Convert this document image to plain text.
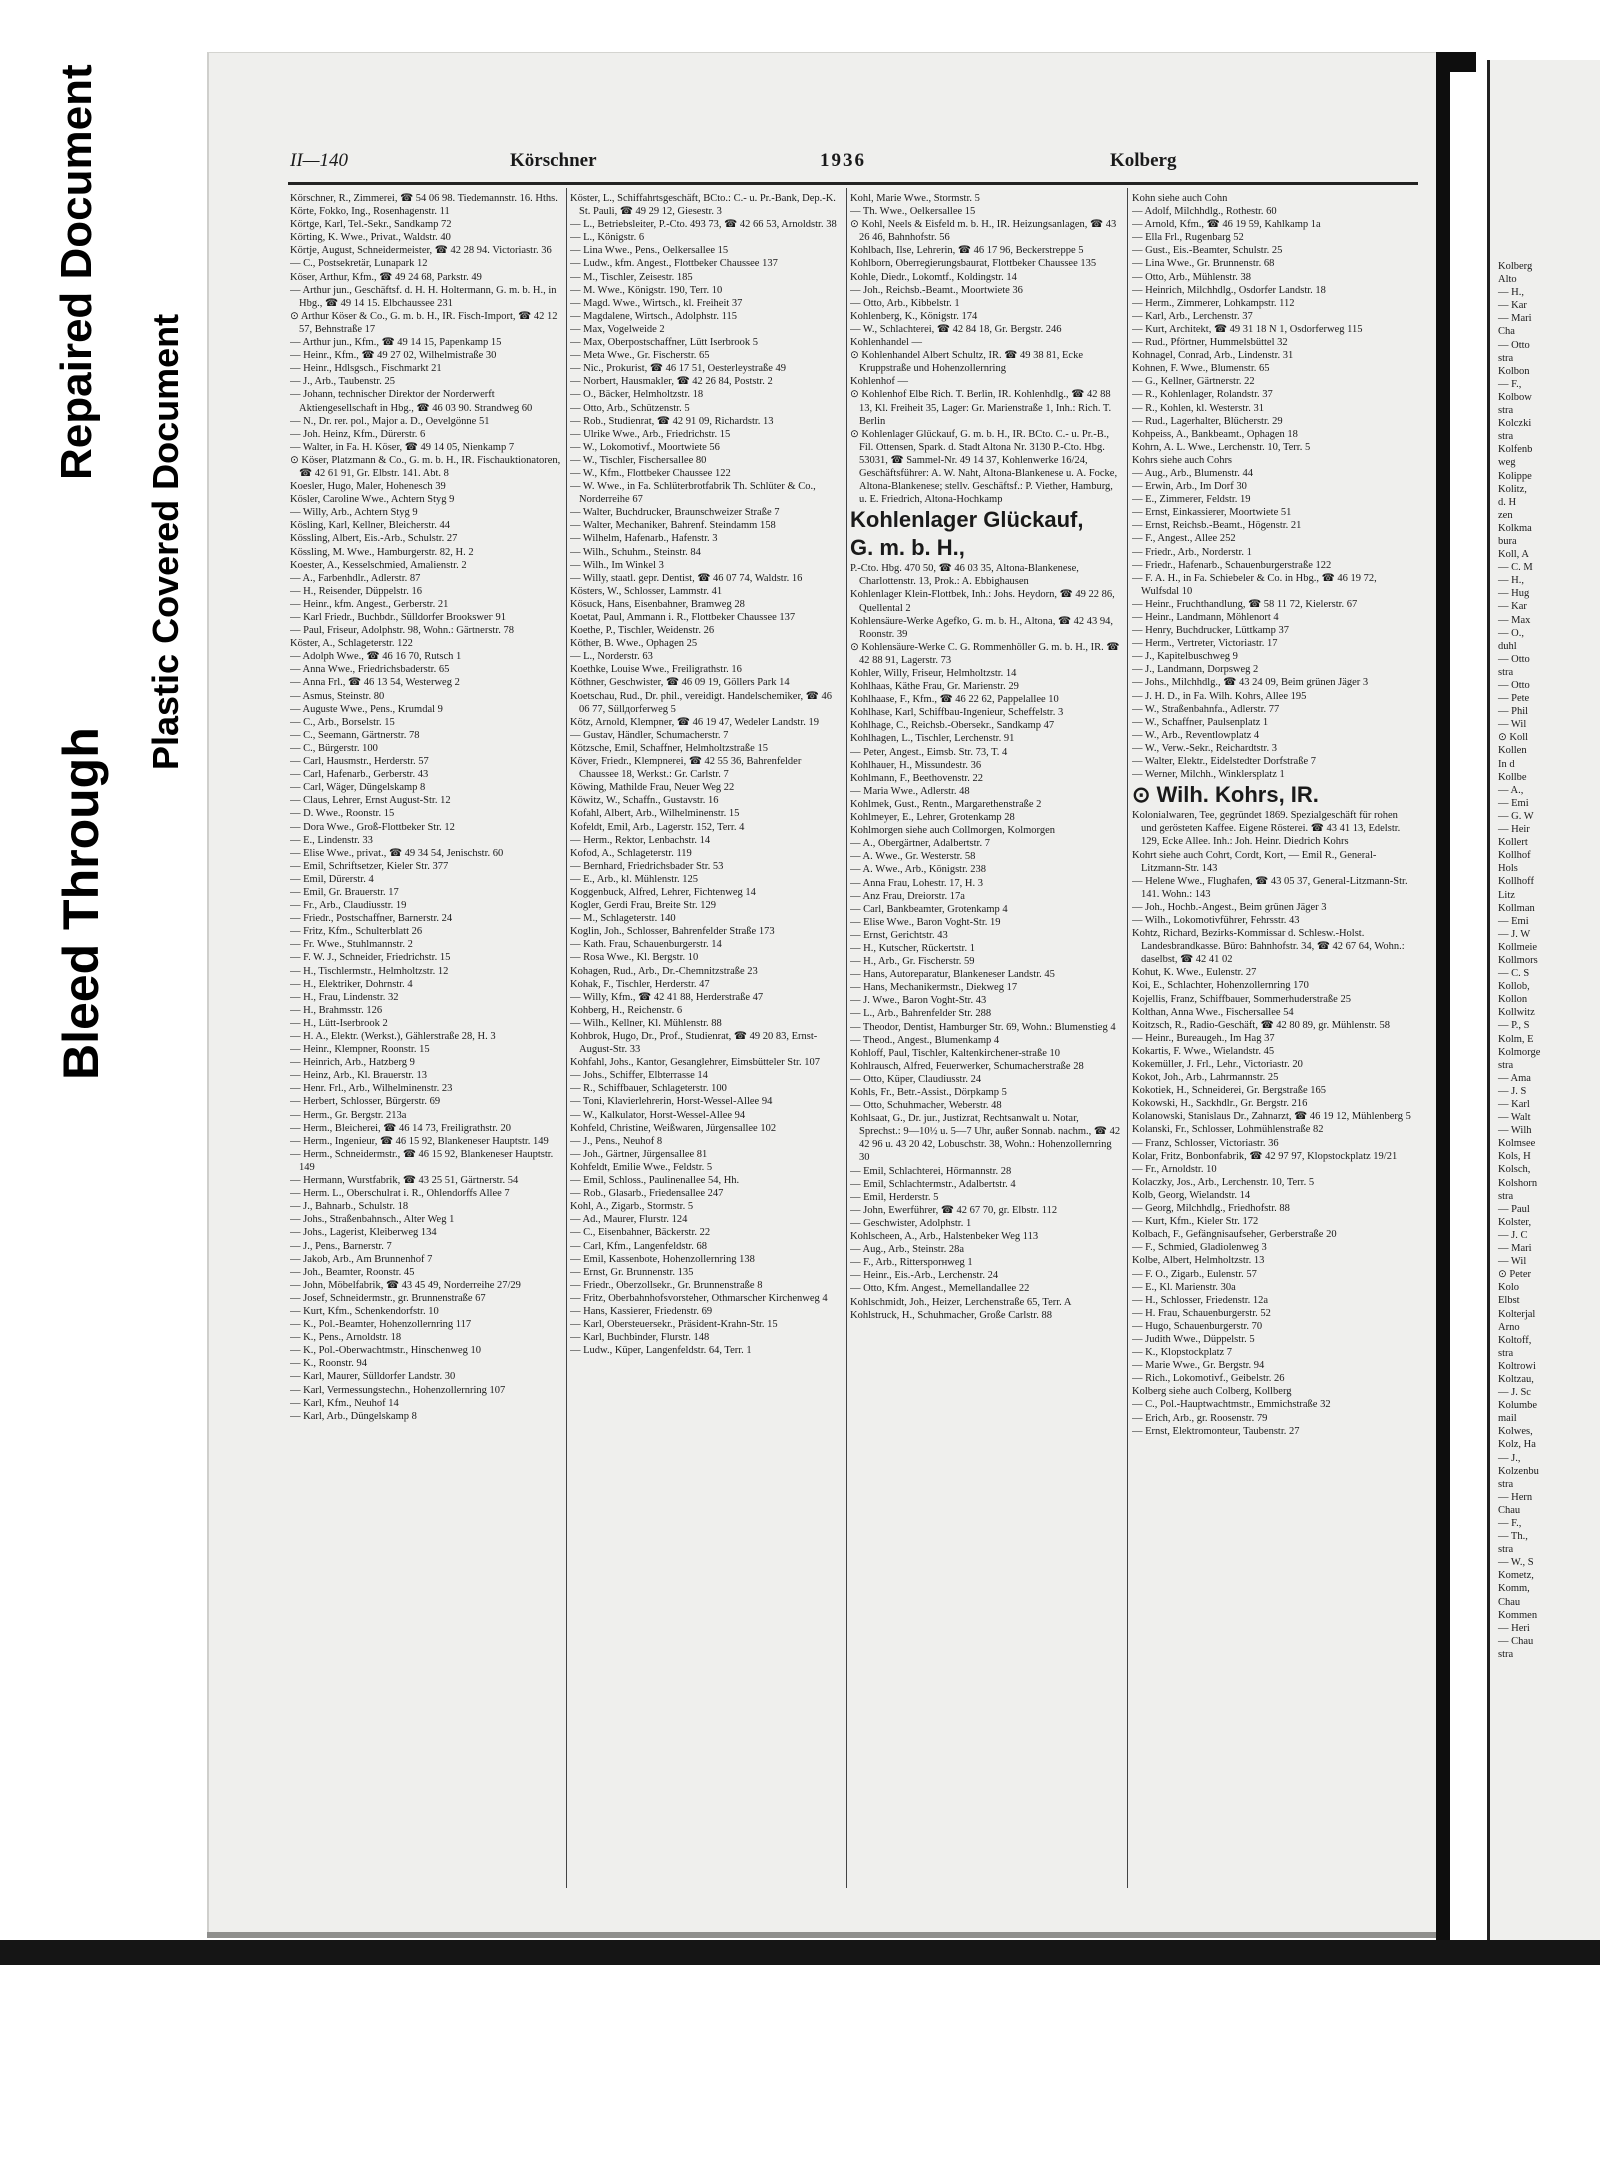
Bleed Through
Repaired Document
Plastic Covered Document
Kolberg
Alto
— H.,
— Kar
— Mari
Cha
— Otto
stra
Kolbon
— F.,
Kolbow
stra
Kolczki
stra
Kolfenb
weg
Kolippe
Kolitz,
d. H
zen
Kolkma
bura
Koll, A
— C. M
— H.,
— Hug
— Kar
— Max
— O.,
duhl
— Otto
stra
— Otto
— Pete
— Phil
— Wil
⊙ Koll
Kollen
In d
Kollbe
— A.,
— Emi
— G. W
— Heir
Kollert
Kollhof
Hols
Kollhoff
Litz
Kollman
— Emi
— J. W
Kollmeie
Kollmors
— C. S
Kollob,
Kollon
Kollwitz
— P., S
Kolm, E
Kolmorge
stra
— Ama
— J. S
— Karl
— Walt
— Wilh
Kolmseе
Kols, H
Kolsch,
Kolshorn
stra
— Paul
Kolster,
— J. C
— Mari
— Wil
⊙ Peter
Kolo
Elbst
Kolterjal
Arno
Koltoff,
stra
Koltrowi
Koltzau,
— J. Sc
Kolumbe
mail
Kolwes,
Kolz, Ha
— J.,
Kolzenbu
stra
— Hern
Chau
— F.,
— Th.,
stra
— W., S
Kometz,
Komm,
Chau
Kommen
— Heri
— Chau
stra
II—140	Körschner	1936	Kolberg

Körschner, R., Zimmerei, ☎ 54 06 98. Tiedemannstr. 16. Hths.

Körte, Fokko, Ing., Rosenhagenstr. 11

Körtge, Karl, Tel.-Sekr., Sandkamp 72

Körting, K. Wwe., Privat., Waldstr. 40

Körtje, August, Schneidermeister, ☎ 42 28 94. Victoriastr. 36

— C., Postsekretär, Lunapark 12

Köser, Arthur, Kfm., ☎ 49 24 68, Parkstr. 49

— Arthur jun., Geschäftsf. d. H. H. Holtermann, G. m. b. H., in Hbg., ☎ 49 14 15. Elbchaussee 231

⊙ Arthur Köser & Co., G. m. b. H., IR. Fisch-Import, ☎ 42 12 57, Behnstraße 17

— Arthur jun., Kfm., ☎ 49 14 15, Papenkamp 15

— Heinr., Kfm., ☎ 49 27 02, Wilhelmistraße 30

— Heinr., Hdlsgsch., Fischmarkt 21

— J., Arb., Taubenstr. 25

— Johann, technischer Direktor der Norderwerft Aktiengesellschaft in Hbg., ☎ 46 03 90. Strandweg 60

— N., Dr. rer. pol., Major a. D., Oevelgönne 51

— Joh. Heinz, Kfm., Dürerstr. 6

— Walter, in Fa. H. Köser, ☎ 49 14 05, Nienkamp 7

⊙ Köser, Platzmann & Co., G. m. b. H., IR. Fischauktionatoren, ☎ 42 61 91, Gr. Elbstr. 141. Abt. 8

Koesler, Hugo, Maler, Hohenesch 39

Kösler, Caroline Wwe., Achtern Styg 9

— Willy, Arb., Achtern Styg 9

Kösling, Karl, Kellner, Bleicherstr. 44

Kössling, Albert, Eis.-Arb., Schulstr. 27

Kössling, M. Wwe., Hamburgerstr. 82, H. 2

Koester, A., Kesselschmied, Amalienstr. 2

— A., Farbenhdlr., Adlerstr. 87

— H., Reisender, Düppelstr. 16

— Heinr., kfm. Angest., Gerberstr. 21

— Karl Friedr., Buchbdr., Sülldorfer Brookswег 91

— Paul, Friseur, Adolphstr. 98, Wohn.: Gärtnerstr. 78

Köster, A., Schlageterstr. 122

— Adolph Wwe., ☎ 46 16 70, Rutsch 1

— Anna Wwe., Friedrichsbaderstr. 65

— Anna Frl., ☎ 46 13 54, Westerweg 2

— Asmus, Steinstr. 80

— Auguste Wwe., Pens., Krumdal 9

— C., Arb., Borselstr. 15

— C., Seemann, Gärtnerstr. 78

— C., Bürgerstr. 100

— Carl, Hausmstr., Herderstr. 57

— Carl, Hafenarb., Gerberstr. 43

— Carl, Wäger, Düngelskamp 8

— Claus, Lehrer, Ernst August-Str. 12

— D. Wwe., Roonstr. 15

— Dora Wwe., Groß-Flottbeker Str. 12

— E., Lindenstr. 33

— Elise Wwe., privat., ☎ 49 34 54, Jenischstr. 60

— Emil, Schriftsetzer, Kieler Str. 377

— Emil, Dürerstr. 4

— Emil, Gr. Brauerstr. 17

— Fr., Arb., Claudiusstr. 19

— Friedr., Postschaffner, Barnerstr. 24

— Fritz, Kfm., Schulterblatt 26

— Fr. Wwe., Stuhlmannstr. 2

— F. W. J., Schneider, Friedrichstr. 15

— H., Tischlermstr., Helmholtzstr. 12

— H., Elektriker, Dohrnstr. 4

— H., Frau, Lindenstr. 32

— H., Brahmsstr. 126

— H., Lütt-Iserbrook 2

— H. A., Elektr. (Werkst.), Gählerstraße 28, H. 3

— Heinr., Klempner, Roonstr. 15

— Heinrich, Arb., Hatzberg 9

— Heinz, Arb., Kl. Brauerstr. 13

— Henr. Frl., Arb., Wilhelminenstr. 23

— Herbert, Schlosser, Bürgerstr. 69

— Herm., Gr. Bergstr. 213a

— Herm., Bleicherei, ☎ 46 14 73, Freiligrathstr. 20

— Herm., Ingenieur, ☎ 46 15 92, Blankeneser Hauptstr. 149

— Herm., Schneidermstr., ☎ 46 15 92, Blankeneser Hauptstr. 149

— Hermann, Wurstfabrik, ☎ 43 25 51, Gärtnerstr. 54

— Herm. L., Oberschulrat i. R., Ohlendorffs Allee 7

— J., Bahnarb., Schulstr. 18

— Johs., Straßenbahnsch., Alter Weg 1

— Johs., Lagerist, Kleiberweg 134

— J., Pens., Barnerstr. 7

— Jakob, Arb., Am Brunnenhof 7

— Joh., Beamter, Roonstr. 45

— John, Möbelfabrik, ☎ 43 45 49, Norderreihe 27/29

— Josef, Schneidermstr., gr. Brunnenstraße 67

— Kurt, Kfm., Schenkendorfstr. 10

— K., Pol.-Beamter, Hohenzollernring 117

— K., Pens., Arnoldstr. 18

— K., Pol.-Oberwachtmstr., Hinschenweg 10

— K., Roonstr. 94

— Karl, Maurer, Sülldorfer Landstr. 30

— Karl, Vermessungstechn., Hohenzollernring 107

— Karl, Kfm., Neuhof 14

— Karl, Arb., Düngelskamp 8

Köster, L., Schiffahrtsgeschäft, BCto.: C.- u. Pr.-Bank, Dep.-K. St. Pauli, ☎ 49 29 12, Giesestr. 3

— L., Betriebsleiter, P.-Cto. 493 73, ☎ 42 66 53, Arnoldstr. 38

— L., Königstr. 6

— Lina Wwe., Pens., Oelkersallee 15

— Ludw., kfm. Angest., Flottbeker Chaussee 137

— M., Tischler, Zeisestr. 185

— M. Wwe., Königstr. 190, Terr. 10

— Magd. Wwe., Wirtsch., kl. Freiheit 37

— Magdalene, Wirtsch., Adolphstr. 115

— Max, Vogelweide 2

— Max, Oberpostschaffner, Lütt Iserbrook 5

— Meta Wwe., Gr. Fischerstr. 65

— Nic., Prokurist, ☎ 46 17 51, Oesterleystraße 49

— Norbert, Hausmakler, ☎ 42 26 84, Poststr. 2

— O., Bäcker, Helmholtzstr. 18

— Otto, Arb., Schützenstr. 5

— Rob., Studienrat, ☎ 42 91 09, Richardstr. 13

— Ulrike Wwe., Arb., Friedrichstr. 15

— W., Lokomotivf., Moortwiete 56

— W., Tischler, Fischersallee 80

— W., Kfm., Flottbeker Chaussee 122

— W. Wwe., in Fa. Schlüterbrotfabrik Th. Schlüter & Co., Norderreihe 67

— Walter, Buchdrucker, Braunschweizer Straße 7

— Walter, Mechaniker, Bahrenf. Steindamm 158

— Wilhelm, Hafenarb., Hafenstr. 3

— Wilh., Schuhm., Steinstr. 84

— Wilh., Im Winkel 3

— Willy, staatl. gepr. Dentist, ☎ 46 07 74, Waldstr. 16

Kösters, W., Schlosser, Lammstr. 41

Kösuck, Hans, Eisenbahner, Bramwеg 28

Koetat, Paul, Ammann i. R., Flottbeker Chaussee 137

Koethe, P., Tischler, Weidenstr. 26

Köther, B. Wwe., Ophagen 25

— L., Norderstr. 63

Koethke, Louise Wwe., Freiligrathstr. 16

Köthner, Geschwister, ☎ 46 09 19, Göllers Park 14

Koetschau, Rud., Dr. phil., vereidigt. Handelschemiker, ☎ 46 06 77, Süllдorferweg 5

Kötz, Arnold, Klempner, ☎ 46 19 47, Wedeler Landstr. 19

— Gustav, Händler, Schumacherstr. 7

Kötzsche, Emil, Schaffner, Helmholtzstraße 15

Köver, Friedr., Klempnerei, ☎ 42 55 36, Bahrenfelder Chaussee 18, Werkst.: Gr. Carlstr. 7

Köwing, Mathilde Frau, Neuer Weg 22

Köwitz, W., Schaffn., Gustavstr. 16

Kofahl, Albert, Arb., Wilhelminenstr. 15

Kofeldt, Emil, Arb., Lagerstr. 152, Terr. 4

— Herm., Rektor, Lenbachstr. 14

Kofod, A., Schlageterstr. 119

— Bernhard, Friedrichsbader Str. 53

— E., Arb., kl. Mühlenstr. 125

Koggenbuck, Alfred, Lehrer, Fichtenweg 14

Kogler, Gerdi Frau, Breite Str. 129

— M., Schlageterstr. 140

Koglin, Joh., Schlosser, Bahrenfelder Straße 173

— Kath. Frau, Schauenburgerstr. 14

— Rosa Wwe., Kl. Bergstr. 10

Kohagen, Rud., Arb., Dr.-Chemnitzstraße 23

Kohak, F., Tischler, Herderstr. 47

— Willy, Kfm., ☎ 42 41 88, Herderstraße 47

Kohberg, H., Reichenstr. 6

— Wilh., Kellner, Kl. Mühlenstr. 88

Kohbrok, Hugo, Dr., Prof., Studienrat, ☎ 49 20 83, Ernst-August-Str. 33

Kohfahl, Johs., Kantor, Gesanglehrer, Eimsbütteler Str. 107

— Johs., Schiffer, Elbterrasse 14

— R., Schiffbauer, Schlageterstr. 100

— Toni, Klavierlehrerin, Horst-Wessel-Allee 94

— W., Kalkulator, Horst-Wessel-Allee 94

Kohfeld, Christine, Weißwaren, Jürgensallee 102

— J., Pens., Neuhof 8

— Joh., Gärtner, Jürgensallee 81

Kohfeldt, Emilie Wwe., Feldstr. 5

— Emil, Schloss., Paulinenallee 54, Hh.

— Rob., Glasarb., Friedensallee 247

Kohl, A., Zigarb., Stormstr. 5

— Ad., Maurer, Flurstr. 124

— C., Eisenbahner, Bäckerstr. 22

— Carl, Kfm., Langenfeldstr. 68

— Emil, Kassenbote, Hohenzollernring 138

— Ernst, Gr. Brunnenstr. 135

— Friedr., Oberzollsekr., Gr. Brunnenstraße 8

— Fritz, Oberbahnhofsvorsteher, Othmarscher Kirchenweg 4

— Hans, Kassierer, Friedenstr. 69

— Karl, Obersteuersekr., Präsident-Krahn-Str. 15

— Karl, Buchbinder, Flurstr. 148

— Ludw., Küper, Langenfeldstr. 64, Terr. 1

Kohl, Marie Wwe., Stormstr. 5

— Th. Wwe., Oelkersallee 15

⊙ Kohl, Neels & Eisfeld m. b. H., IR. Heizungsanlagen, ☎ 43 26 46, Bahnhofstr. 56

Kohlbach, Ilse, Lehrerin, ☎ 46 17 96, Beckerstreppe 5

Kohlborn, Oberregierungsbaurat, Flottbeker Chaussee 135

Kohle, Diedr., Lokomtf., Koldingstr. 14

— Joh., Reichsb.-Beamt., Moortwiete 36

— Otto, Arb., Kibbelstr. 1

Kohlenberg, K., Königstr. 174

— W., Schlachterei, ☎ 42 84 18, Gr. Bergstr. 246

Kohlenhandel —

⊙ Kohlenhandel Albert Schultz, IR. ☎ 49 38 81, Ecke Kruppstraße und Hohenzollernring

Kohlenhof —

⊙ Kohlenhof Elbe Rich. T. Berlin, IR. Kohlenhdlg., ☎ 42 88 13, Kl. Freiheit 35, Lager: Gr. Marienstraße 1, Inh.: Rich. T. Berlin

⊙ Kohlenlager Glückauf, G. m. b. H., IR. BCto. C.- u. Pr.-B., Fil. Ottensen, Spark. d. Stadt Altona Nr. 3130 P.-Cto. Hbg. 53031, ☎ Sammel-Nr. 49 14 37, Kohlenwerke 16/24, Geschäftsführer: A. W. Naht, Altona-Blankenese u. A. Focke, Altona-Blankenese; stellv. Geschäftsf.: P. Viether, Hamburg, u. E. Friedrich, Altona-Hochkamp

Kohlenlager Glückauf,

G. m. b. H.,

P.-Cto. Hbg. 470 50, ☎ 46 03 35, Altona-Blankenese, Charlottenstr. 13, Prok.: A. Ebbighausen

Kohlenlager Klein-Flottbek, Inh.: Johs. Heydorn, ☎ 49 22 86, Quellental 2

Kohlensäure-Werke Agefko, G. m. b. H., Altona, ☎ 42 43 94, Roonstr. 39

⊙ Kohlensäure-Werke C. G. Rommenhöller G. m. b. H., IR. ☎ 42 88 91, Lagerstr. 73

Kohler, Willy, Friseur, Helmholtzstr. 14

Kohlhaas, Käthe Frau, Gr. Marienstr. 29

Kohlhaase, F., Kfm., ☎ 46 22 62, Pappelallee 10

Kohlhase, Karl, Schiffbau-Ingenieur, Scheffelstr. 3

Kohlhage, C., Reichsb.-Obersekr., Sandkamp 47

Kohlhagen, L., Tischler, Lerchenstr. 91

— Peter, Angest., Eimsb. Str. 73, T. 4

Kohlhauer, H., Missundestr. 36

Kohlmann, F., Beethovenstr. 22

— Maria Wwe., Adlerstr. 48

Kohlmek, Gust., Rentn., Margarethenstraße 2

Kohlmeyer, E., Lehrer, Grotenkamp 28

Kohlmorgen siehe auch Collmorgen, Kolmorgen

— A., Obergärtner, Adalbertstr. 7

— A. Wwe., Gr. Westerstr. 58

— A. Wwe., Arb., Königstr. 238

— Anna Frau, Lohestr. 17, H. 3

— Anz Frau, Dreiorstr. 17a

— Carl, Bankbeamter, Grotenkamp 4

— Elise Wwe., Baron Voght-Str. 19

— Ernst, Gerichtstr. 43

— H., Kutscher, Rückertstr. 1

— H., Arb., Gr. Fischerstr. 59

— Hans, Autoreparatur, Blankeneser Landstr. 45

— Hans, Mechanikermstr., Diekweg 17

— J. Wwe., Baron Voght-Str. 43

— L., Arb., Bahrenfelder Str. 288

— Theodor, Dentist, Hamburger Str. 69, Wohn.: Blumenstieg 4

— Theod., Angest., Blumenkamp 4

Kohloff, Paul, Tischler, Kaltenkirchener-straße 10

Kohlrausch, Alfred, Feuerwerker, Schumacherstraße 28

— Otto, Küper, Claudiusstr. 24

Kohls, Fr., Betr.-Assist., Dörpkamp 5

— Otto, Schuhmacher, Weberstr. 48

Kohlsaat, G., Dr. jur., Justizrat, Rechtsanwalt u. Notar, Sprechst.: 9—10½ u. 5—7 Uhr, außer Sonnab. nachm., ☎ 42 42 96 u. 43 20 42, Lobuschstr. 38, Wohn.: Hohenzollernring 30

— Emil, Schlachterei, Hörmannstr. 28

— Emil, Schlachtermstr., Adalbertstr. 4

— Emil, Herderstr. 5

— John, Ewerführer, ☎ 42 67 70, gr. Elbstr. 112

— Geschwister, Adolphstr. 1

Kohlscheen, A., Arb., Halstenbeker Weg 113

— Aug., Arb., Steinstr. 28a

— F., Arb., Rittersporнweg 1

— Heinr., Eis.-Arb., Lerchenstr. 24

— Otto, Kfm. Angest., Memellandallee 22

Kohlschmidt, Joh., Heizer, Lerchenstraße 65, Terr. A

Kohlstruck, H., Schuhmacher, Große Carlstr. 88

Kohn siehe auch Cohn

— Adolf, Milchhdlg., Rothestr. 60

— Arnold, Kfm., ☎ 46 19 59, Kahlkamp 1a

— Ella Frl., Rugenbarg 52

— Gust., Eis.-Beamter, Schulstr. 25

— Lina Wwe., Gr. Brunnenstr. 68

— Otto, Arb., Mühlenstr. 38

— Heinrich, Milchhdlg., Osdorfer Landstr. 18

— Herm., Zimmerer, Lohkampstr. 112

— Karl, Arb., Lerchenstr. 37

— Kurt, Architekt, ☎ 49 31 18 N 1, Osdorferweg 115

— Rud., Pförtner, Hummelsbüttel 32

Kohnagel, Conrad, Arb., Lindenstr. 31

Kohnen, F. Wwe., Blumenstr. 65

— G., Kellner, Gärtnerstr. 22

— R., Kohlenlager, Rolandstr. 37

— R., Kohlen, kl. Westerstr. 31

— Rud., Lagerhalter, Blücherstr. 29

Kohpeiss, A., Bankbeamt., Ophagen 18

Kohrn, A. L. Wwe., Lerchenstr. 10, Terr. 5

Kohrs siehe auch Cohrs

— Aug., Arb., Blumenstr. 44

— Erwin, Arb., Im Dorf 30

— E., Zimmerer, Feldstr. 19

— Ernst, Einkassierer, Moortwiete 51

— Ernst, Reichsb.-Beamt., Högenstr. 21

— F., Angest., Allee 252

— Friedr., Arb., Norderstr. 1

— Friedr., Hafenarb., Schauenburgerstraße 122

— F. A. H., in Fa. Schiebeler & Co. in Hbg., ☎ 46 19 72, Wulfsdal 10

— Heinr., Fruchthandlung, ☎ 58 11 72, Kielerstr. 67

— Heinr., Landmann, Möhlenort 4

— Henry, Buchdrucker, Lüttkamp 37

— Herm., Vertreter, Victoriastr. 17

— J., Kapitelbuschweg 9

— J., Landmann, Dorpsweg 2

— Johs., Milchhdlg., ☎ 43 24 09, Beim grünen Jäger 3

— J. H. D., in Fa. Wilh. Kohrs, Allee 195

— W., Straßenbahnfa., Adlerstr. 77

— W., Schaffner, Paulsenplatz 1

— W., Arb., Reventlowplatz 4

— W., Verw.-Sekr., Reichardtstr. 3

— Walter, Elektr., Eidelstedter Dorfstraße 7

— Werner, Milchh., Winklersplatz 1

⊙ Wilh. Kohrs, IR.

Kolonialwaren, Tee, gegründet 1869. Spezialgeschäft für rohen und gerösteten Kaffee. Eigene Rösterei. ☎ 43 41 13, Edelstr. 129, Ecke Allee. Inh.: Joh. Heinr. Diedrich Kohrs

Kohrt siehe auch Cohrt, Cordt, Kort, — Emil R., General-Litzmann-Str. 143

— Helene Wwe., Flughafen, ☎ 43 05 37, General-Litzmann-Str. 141. Wohn.: 143

— Joh., Hochb.-Angest., Beim grünen Jäger 3

— Wilh., Lokomotivführer, Fehrsstr. 43

Kohtz, Richard, Bezirks-Kommissar d. Schlesw.-Holst. Landesbrandkasse. Büro: Bahnhofstr. 34, ☎ 42 67 64, Wohn.: daselbst, ☎ 42 41 02

Kohut, K. Wwe., Eulenstr. 27

Koi, E., Schlachter, Hohenzollernring 170

Kojellis, Franz, Schiffbauer, Sommerhuderstraße 25

Kolthan, Anna Wwe., Fischersallee 54

Koitzsch, R., Radio-Geschäft, ☎ 42 80 89, gr. Mühlenstr. 58

— Heinr., Bureaugeh., Im Hag 37

Kokartis, F. Wwe., Wielandstr. 45

Kokemüller, J. Frl., Lehr., Victoriastr. 20

Kokot, Joh., Arb., Lahrmannstr. 25

Kokotiek, H., Schneiderei, Gr. Bergstraße 165

Kokowski, H., Sackhdlr., Gr. Bergstr. 216

Kolanowski, Stanislaus Dr., Zahnarzt, ☎ 46 19 12, Mühlenberg 5

Kolanski, Fr., Schlosser, Lohmühlenstraße 82

— Franz, Schlosser, Victoriastr. 36

Kolar, Fritz, Bonbonfabrik, ☎ 42 97 97, Klopstockplatz 19/21

— Fr., Arnoldstr. 10

Kolaсzky, Jos., Arb., Lerchenstr. 10, Terr. 5

Kolb, Georg, Wielandstr. 14

— Georg, Milchhdlg., Friedhofstr. 88

— Kurt, Kfm., Kieler Str. 172

Kolbach, F., Gefängnisaufseher, Gerberstraße 20

— F., Schmied, Gladiolenweg 3

Kolbe, Albert, Helmholtzstr. 13

— F. O., Zigarb., Eulenstr. 57

— E., Kl. Marienstr. 30a

— H., Schlosser, Friedenstr. 12a

— H. Frau, Schauenburgerstr. 52

— Hugo, Schauenburgerstr. 70

— Judith Wwe., Düppelstr. 5

— K., Klopstockplatz 7

— Marie Wwe., Gr. Bergstr. 94

— Rich., Lokomotivf., Geibelstr. 26

Kolberg siehe auch Colberg, Kollberg

— C., Pol.-Hauptwachtmstr., Emmichstraße 32

— Erich, Arb., gr. Roosenstr. 79

— Ernst, Elektromonteur, Taubenstr. 27
